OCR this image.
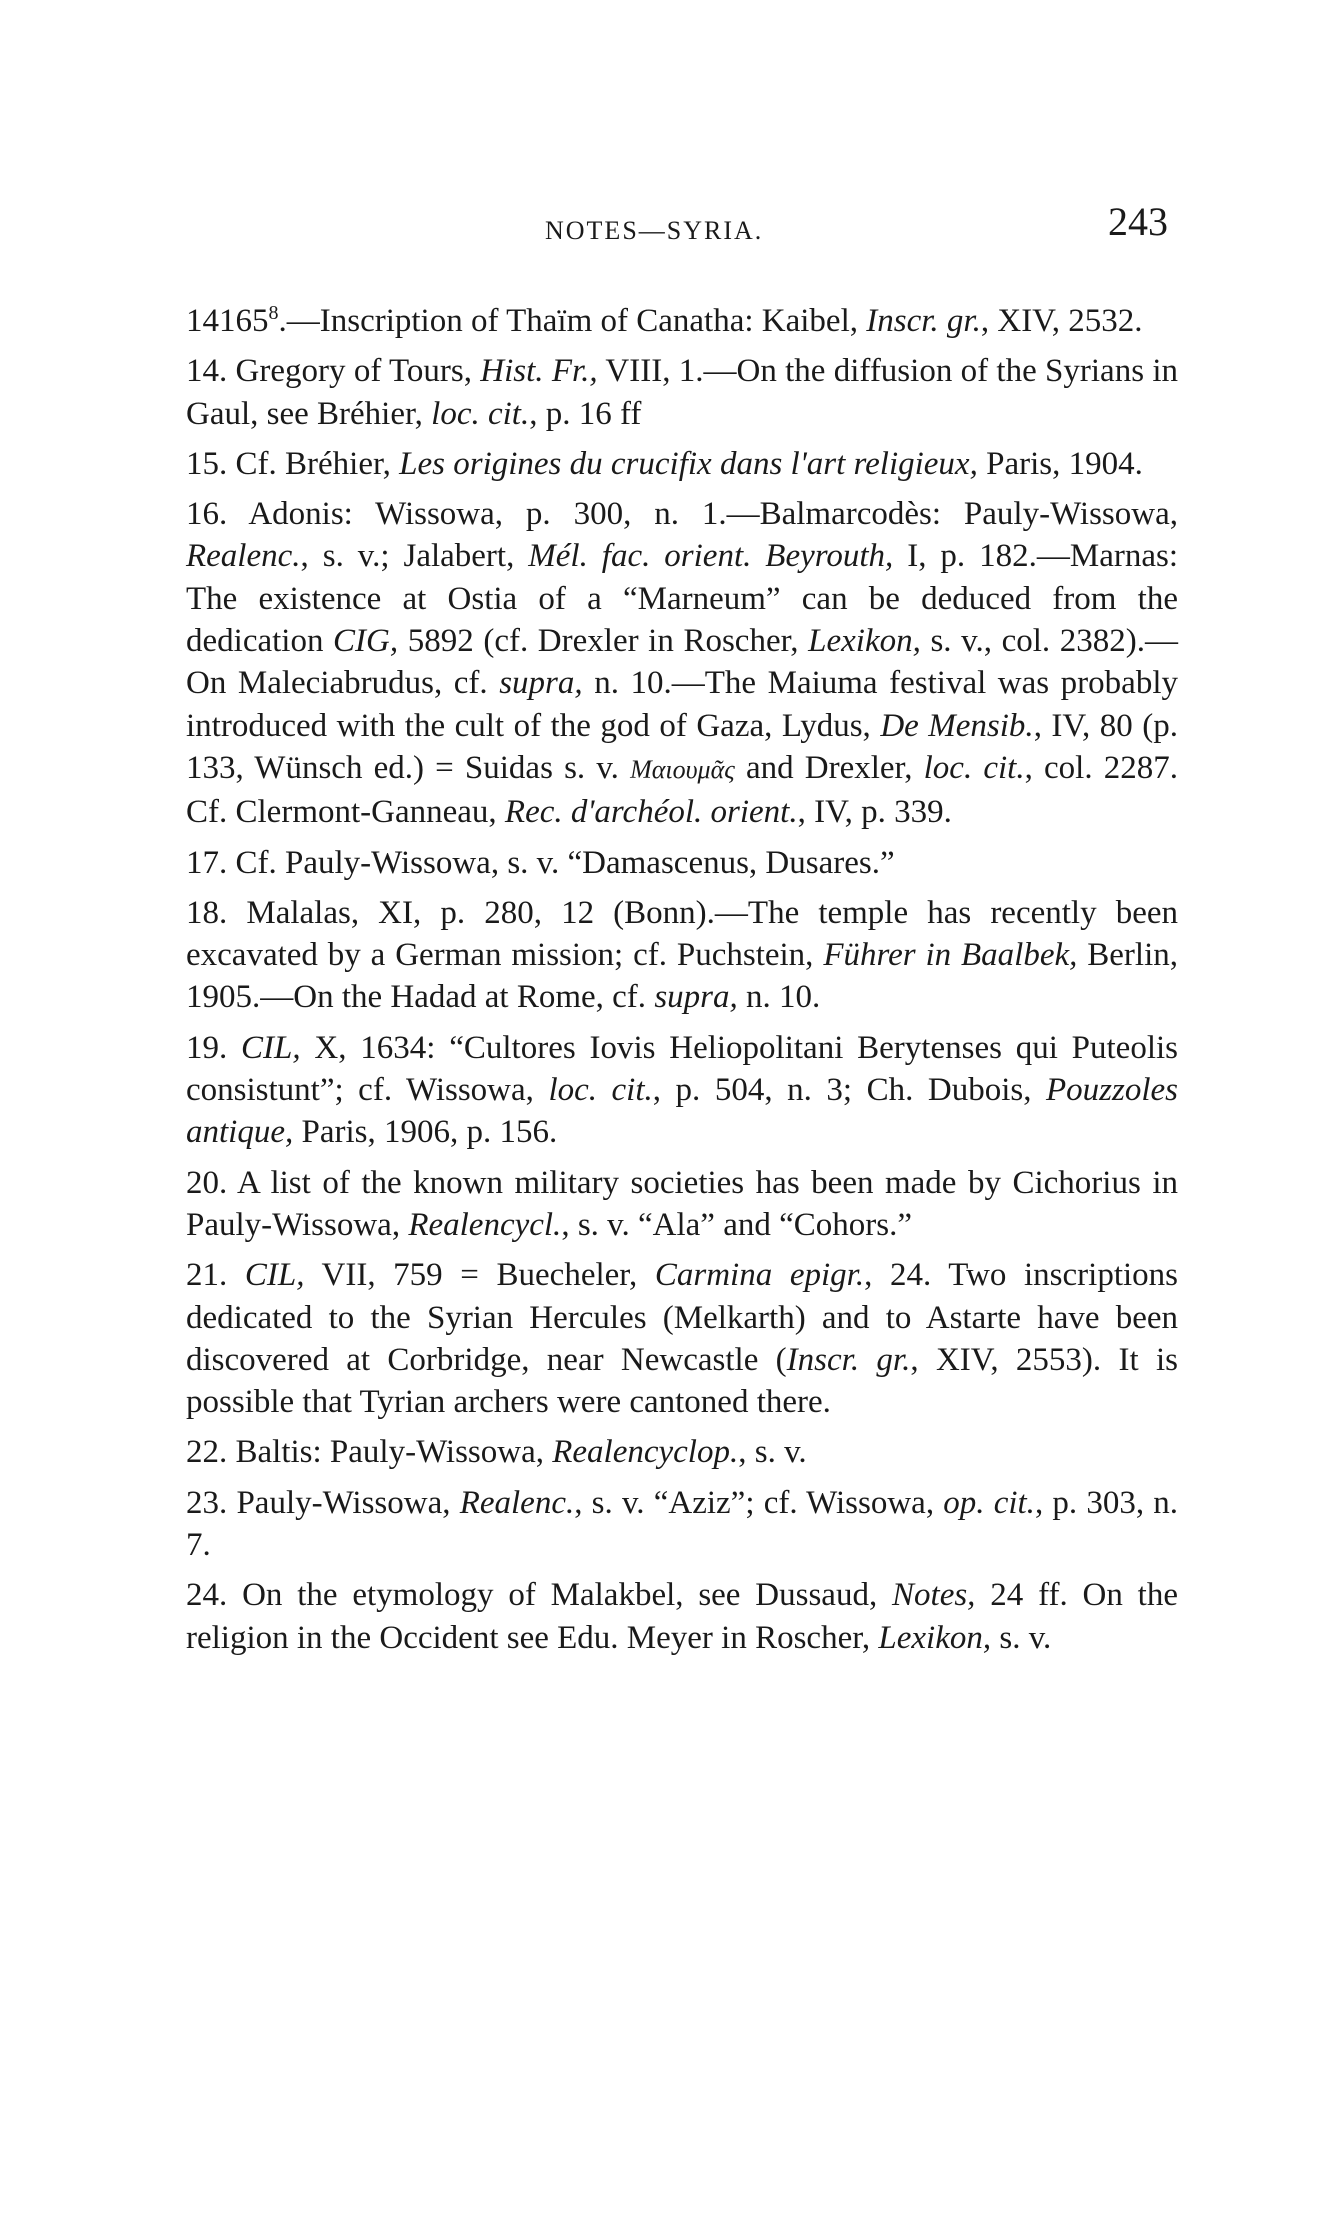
NOTES—SYRIA.	243

14165$^8$.—Inscription of Thaïm of Canatha: Kaibel, Inscr. gr., XIV, 2532.

14. Gregory of Tours, Hist. Fr., VIII, 1.—On the diffusion of the Syrians in Gaul, see Bréhier, loc. cit., p. 16 ff

15. Cf. Bréhier, Les origines du crucifix dans l'art religieux, Paris, 1904.

16. Adonis: Wissowa, p. 300, n. 1.—Balmarcodès: Pauly-Wissowa, Realenc., s. v.; Jalabert, Mél. fac. orient. Beyrouth, I, p. 182.—Marnas: The existence at Ostia of a “Marneum” can be deduced from the dedication CIG, 5892 (cf. Drexler in Roscher, Lexikon, s. v., col. 2382).—On Maleciabrudus, cf. supra, n. 10.—The Maiuma festival was probably introduced with the cult of the god of Gaza, Lydus, De Mensib., IV, 80 (p. 133, Wünsch ed.) = Suidas s. v. Μαιουμᾶς and Drexler, loc. cit., col. 2287. Cf. Clermont-Ganneau, Rec. d'archéol. orient., IV, p. 339.

17. Cf. Pauly-Wissowa, s. v. “Damascenus, Dusares.”

18. Malalas, XI, p. 280, 12 (Bonn).—The temple has recently been excavated by a German mission; cf. Puchstein, Führer in Baalbek, Berlin, 1905.—On the Hadad at Rome, cf. supra, n. 10.

19. CIL, X, 1634: “Cultores Iovis Heliopolitani Berytenses qui Puteolis consistunt”; cf. Wissowa, loc. cit., p. 504, n. 3; Ch. Dubois, Pouzzoles antique, Paris, 1906, p. 156.

20. A list of the known military societies has been made by Cichorius in Pauly-Wissowa, Realencycl., s. v. “Ala” and “Cohors.”

21. CIL, VII, 759 = Buecheler, Carmina epigr., 24. Two inscriptions dedicated to the Syrian Hercules (Melkarth) and to Astarte have been discovered at Corbridge, near Newcastle (Inscr. gr., XIV, 2553). It is possible that Tyrian archers were cantoned there.

22. Baltis: Pauly-Wissowa, Realencyclop., s. v.

23. Pauly-Wissowa, Realenc., s. v. “Aziz”; cf. Wissowa, op. cit., p. 303, n. 7.

24. On the etymology of Malakbel, see Dussaud, Notes, 24 ff. On the religion in the Occident see Edu. Meyer in Roscher, Lexikon, s. v.
